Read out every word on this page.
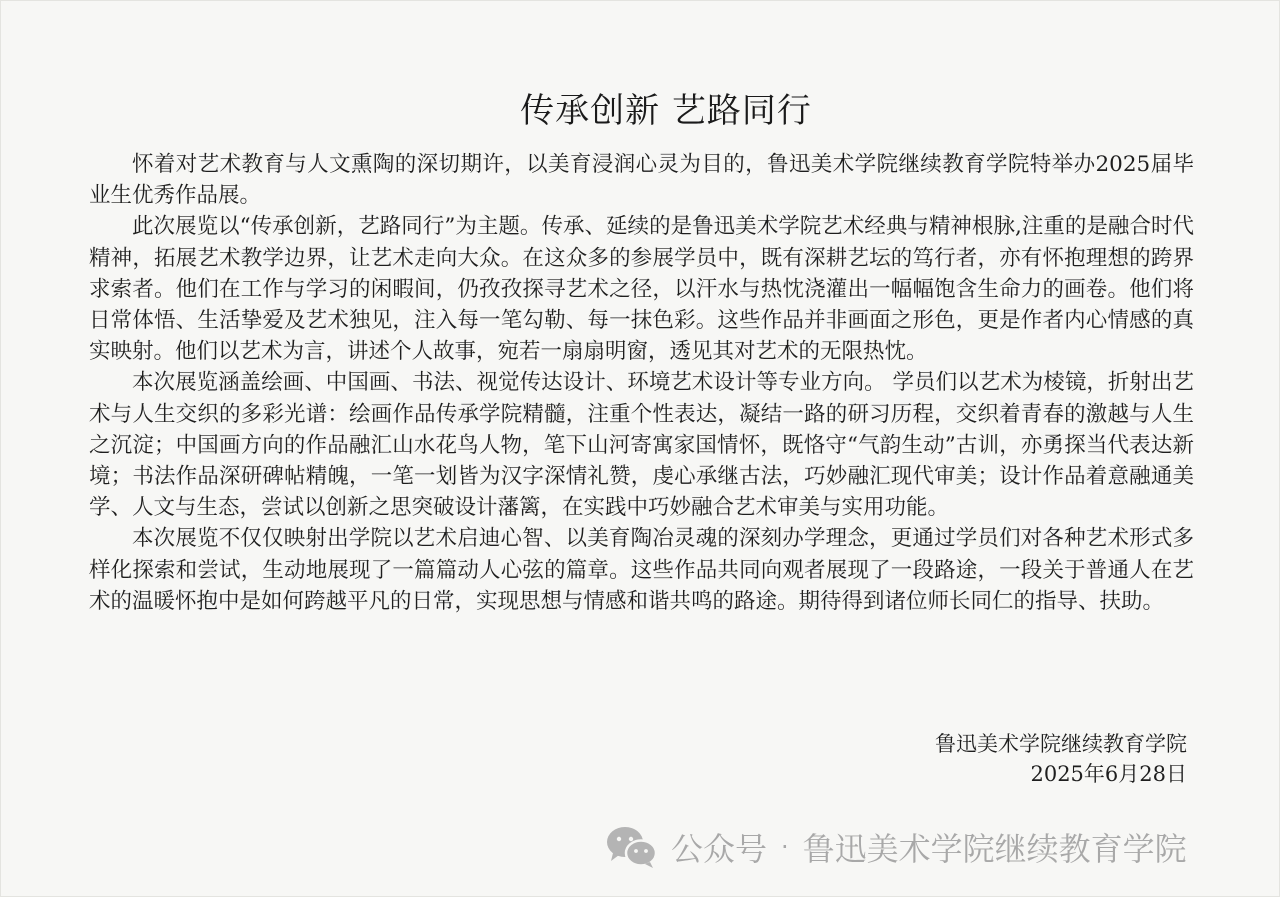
传承创新 艺路同行

怀着对艺术教育与人文熏陶的深切期许，以美育浸润心灵为目的，鲁迅美术学院继续教育学院特举办2025届毕业生优秀作品展。

此次展览以“传承创新，艺路同行”为主题。传承、延续的是鲁迅美术学院艺术经典与精神根脉,注重的是融合时代精神，拓展艺术教学边界，让艺术走向大众。在这众多的参展学员中，既有深耕艺坛的笃行者，亦有怀抱理想的跨界求索者。他们在工作与学习的闲暇间，仍孜孜探寻艺术之径，以汗水与热忱浇灌出一幅幅饱含生命力的画卷。他们将日常体悟、生活挚爱及艺术独见，注入每一笔勾勒、每一抹色彩。这些作品并非画面之形色，更是作者内心情感的真实映射。他们以艺术为言，讲述个人故事，宛若一扇扇明窗，透见其对艺术的无限热忱。

本次展览涵盖绘画、中国画、书法、视觉传达设计、环境艺术设计等专业方向。 学员们以艺术为棱镜，折射出艺术与人生交织的多彩光谱：绘画作品传承学院精髓，注重个性表达，凝结一路的研习历程，交织着青春的激越与人生之沉淀；中国画方向的作品融汇山水花鸟人物，笔下山河寄寓家国情怀，既恪守“气韵生动”古训，亦勇探当代表达新境；书法作品深研碑帖精魄，一笔一划皆为汉字深情礼赞，虔心承继古法，巧妙融汇现代审美；设计作品着意融通美学、人文与生态，尝试以创新之思突破设计藩篱，在实践中巧妙融合艺术审美与实用功能。

本次展览不仅仅映射出学院以艺术启迪心智、以美育陶冶灵魂的深刻办学理念，更通过学员们对各种艺术形式多样化探索和尝试，生动地展现了一篇篇动人心弦的篇章。这些作品共同向观者展现了一段路途，一段关于普通人在艺术的温暖怀抱中是如何跨越平凡的日常，实现思想与情感和谐共鸣的路途。期待得到诸位师长同仁的指导、扶助。

鲁迅美术学院继续教育学院
2025年6月28日
公众号 · 鲁迅美术学院继续教育学院
